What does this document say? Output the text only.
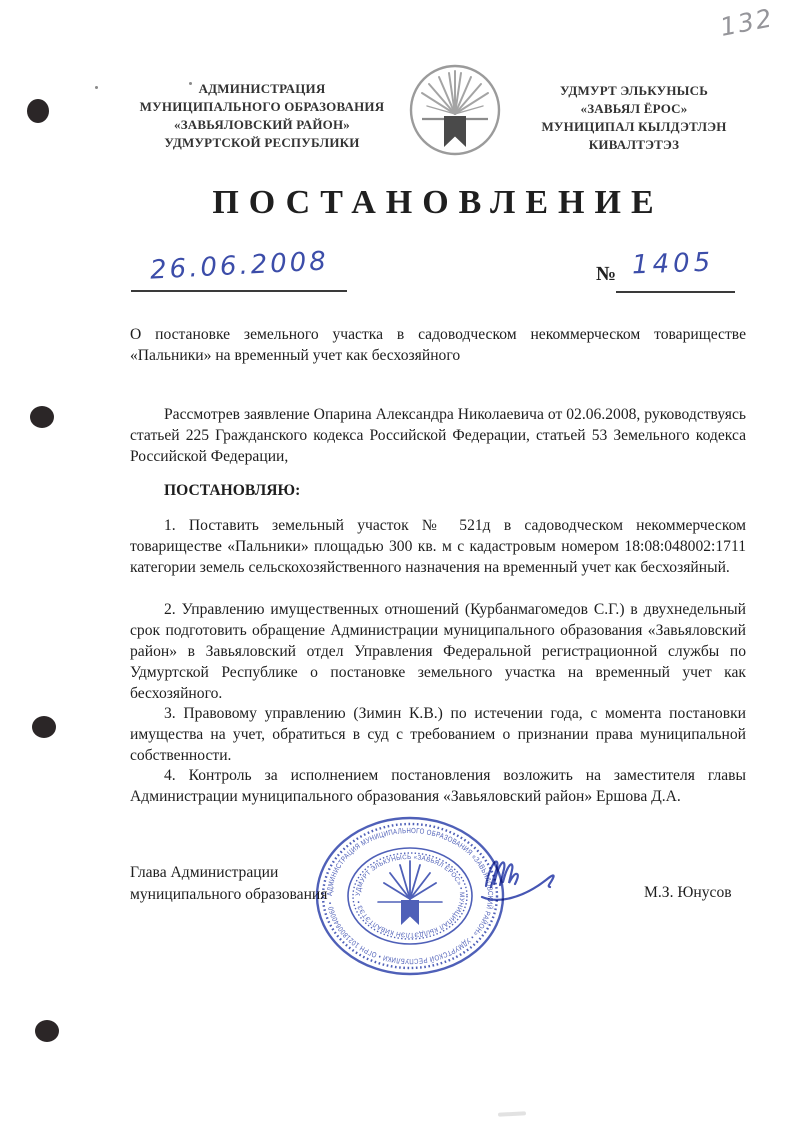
132
АДМИНИСТРАЦИЯ
МУНИЦИПАЛЬНОГО ОБРАЗОВАНИЯ
«ЗАВЬЯЛОВСКИЙ РАЙОН»
УДМУРТСКОЙ РЕСПУБЛИКИ
УДМУРТ ЭЛЬКУНЫСЬ
«ЗАВЬЯЛ ЁРОС»
МУНИЦИПАЛ КЫЛДЭТЛЭН
КИВАЛТЭТЭЗ
ПОСТАНОВЛЕНИЕ
26.06.2008	№ 1405
О постановке земельного участка в садоводческом некоммерческом товариществе «Пальники» на временный учет как бесхозяйного
Рассмотрев заявление Опарина Александра Николаевича от 02.06.2008, руководствуясь статьей 225 Гражданского кодекса Российской Федерации, статьей 53 Земельного кодекса Российской Федерации,
ПОСТАНОВЛЯЮ:
1. Поставить земельный участок № 521д в садоводческом некоммерческом товариществе «Пальники» площадью 300 кв. м с кадастровым номером 18:08:048002:1711 категории земель сельскохозяйственного назначения на временный учет как бесхозяйный.
2. Управлению имущественных отношений (Курбанмагомедов С.Г.) в двухнедельный срок подготовить обращение Администрации муниципального образования «Завьяловский район» в Завьяловский отдел Управления Федеральной регистрационной службы по Удмуртской Республике о постановке земельного участка на временный учет как бесхозяйного.
3. Правовому управлению (Зимин К.В.) по истечении года, с момента постановки имущества на учет, обратиться в суд с требованием о признании права муниципальной собственности.
4. Контроль за исполнением постановления возложить на заместителя главы Администрации муниципального образования «Завьяловский район» Ершова Д.А.
Глава Администрации
муниципального образования	М.З. Юнусов
АДМИНИСТРАЦИЯ МУНИЦИПАЛЬНОГО ОБРАЗОВАНИЯ «ЗАВЬЯЛОВСКИЙ РАЙОН» • УДМУРТСКОЙ РЕСПУБЛИКИ • ОГРН 1021800640060 •
УДМУРТ ЭЛЬКУНЫСЬ «ЗАВЬЯЛ ЁРОС» • МУНИЦИПАЛ КЫЛДЭТЛЭН КИВАЛТЭТЭЗ •
